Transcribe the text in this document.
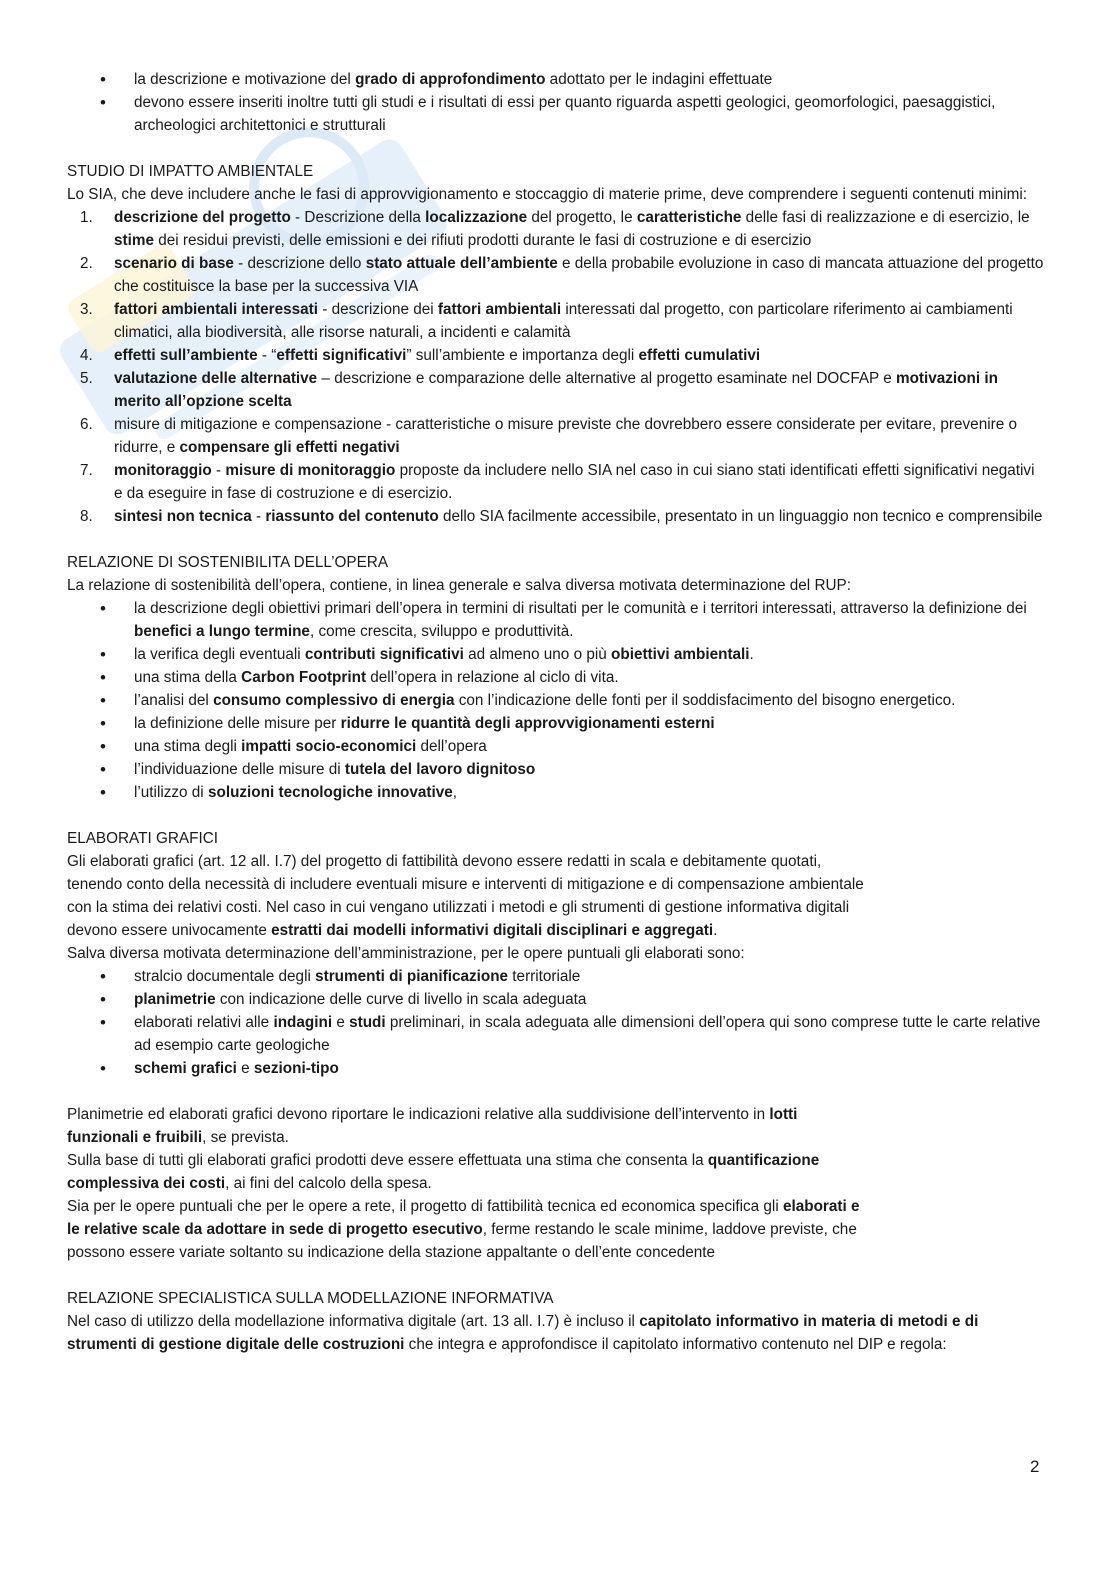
• la descrizione e motivazione del grado di approfondimento adottato per le indagini effettuate
• devono essere inseriti inoltre tutti gli studi e i risultati di essi per quanto riguarda aspetti geologici, geomorfologici, paesaggistici, archeologici architettonici e strutturali

STUDIO DI IMPATTO AMBIENTALE

Lo SIA, che deve includere anche le fasi di approvvigionamento e stoccaggio di materie prime, deve comprendere i seguenti contenuti minimi:

1. descrizione del progetto - Descrizione della localizzazione del progetto, le caratteristiche delle fasi di realizzazione e di esercizio, le stime dei residui previsti, delle emissioni e dei rifiuti prodotti durante le fasi di costruzione e di esercizio
2. scenario di base - descrizione dello stato attuale dell’ambiente e della probabile evoluzione in caso di mancata attuazione del progetto che costituisce la base per la successiva VIA
3. fattori ambientali interessati - descrizione dei fattori ambientali interessati dal progetto, con particolare riferimento ai cambiamenti climatici, alla biodiversità, alle risorse naturali, a incidenti e calamità
4. effetti sull’ambiente - “effetti significativi” sull’ambiente e importanza degli effetti cumulativi
5. valutazione delle alternative – descrizione e comparazione delle alternative al progetto esaminate nel DOCFAP e motivazioni in merito all’opzione scelta
6. misure di mitigazione e compensazione - caratteristiche o misure previste che dovrebbero essere considerate per evitare, prevenire o ridurre, e compensare gli effetti negativi
7. monitoraggio - misure di monitoraggio proposte da includere nello SIA nel caso in cui siano stati identificati effetti significativi negativi e da eseguire in fase di costruzione e di esercizio.
8. sintesi non tecnica - riassunto del contenuto dello SIA facilmente accessibile, presentato in un linguaggio non tecnico e comprensibile

RELAZIONE DI SOSTENIBILITA DELL’OPERA

La relazione di sostenibilità dell’opera, contiene, in linea generale e salva diversa motivata determinazione del RUP:

• la descrizione degli obiettivi primari dell’opera in termini di risultati per le comunità e i territori interessati, attraverso la definizione dei benefici a lungo termine, come crescita, sviluppo e produttività.
• la verifica degli eventuali contributi significativi ad almeno uno o più obiettivi ambientali.
• una stima della Carbon Footprint dell’opera in relazione al ciclo di vita.
• l’analisi del consumo complessivo di energia con l’indicazione delle fonti per il soddisfacimento del bisogno energetico.
• la definizione delle misure per ridurre le quantità degli approvvigionamenti esterni
• una stima degli impatti socio-economici dell’opera
• l’individuazione delle misure di tutela del lavoro dignitoso
• l’utilizzo di soluzioni tecnologiche innovative,

ELABORATI GRAFICI

Gli elaborati grafici (art. 12 all. I.7) del progetto di fattibilità devono essere redatti in scala e debitamente quotati,
tenendo conto della necessità di includere eventuali misure e interventi di mitigazione e di compensazione ambientale
con la stima dei relativi costi. Nel caso in cui vengano utilizzati i metodi e gli strumenti di gestione informativa digitali
devono essere univocamente estratti dai modelli informativi digitali disciplinari e aggregati.
Salva diversa motivata determinazione dell’amministrazione, per le opere puntuali gli elaborati sono:
• stralcio documentale degli strumenti di pianificazione territoriale
• planimetrie con indicazione delle curve di livello in scala adeguata
• elaborati relativi alle indagini e studi preliminari, in scala adeguata alle dimensioni dell’opera qui sono comprese tutte le carte relative ad esempio carte geologiche
• schemi grafici e sezioni-tipo
Planimetrie ed elaborati grafici devono riportare le indicazioni relative alla suddivisione dell’intervento in lotti
funzionali e fruibili, se prevista.
Sulla base di tutti gli elaborati grafici prodotti deve essere effettuata una stima che consenta la quantificazione
complessiva dei costi, ai fini del calcolo della spesa.
Sia per le opere puntuali che per le opere a rete, il progetto di fattibilità tecnica ed economica specifica gli elaborati e
le relative scale da adottare in sede di progetto esecutivo, ferme restando le scale minime, laddove previste, che
possono essere variate soltanto su indicazione della stazione appaltante o dell’ente concedente

RELAZIONE SPECIALISTICA SULLA MODELLAZIONE INFORMATIVA

Nel caso di utilizzo della modellazione informativa digitale (art. 13 all. I.7) è incluso il capitolato informativo in materia di metodi e di strumenti di gestione digitale delle costruzioni che integra e approfondisce il capitolato informativo contenuto nel DIP e regola:

2
